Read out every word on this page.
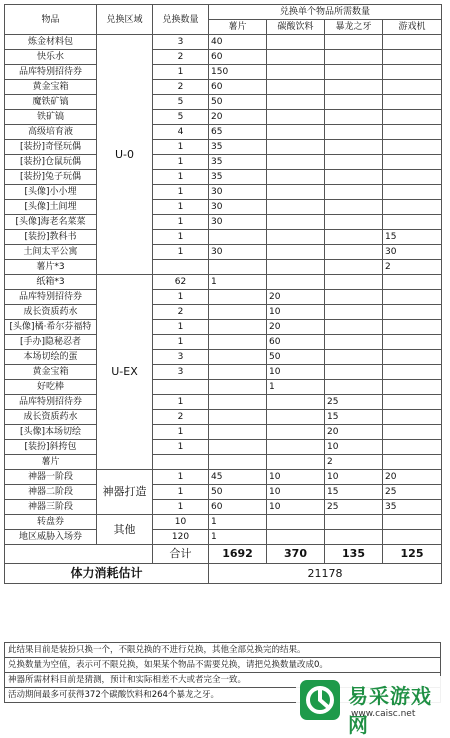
物品	兑换区域	兑换数量	兑换单个物品所需数量			
			薯片	碳酸饮料	暴龙之牙	游戏机
炼金材料包	U-0	3	40			
快乐水		2	60			
品库特别招待券		1	150			
黄金宝箱		2	60			
魔铁矿镐		5	50			
铁矿镐		5	20			
高级培育液		4	65			
[装扮]奇怪玩偶		1	35			
[装扮]仓鼠玩偶		1	35			
[装扮]兔子玩偶		1	35			
[头像]小小埋		1	30			
[头像]土间埋		1	30			
[头像]海老名菜菜		1	30			
[装扮]教科书		1				15
土间太平公寓		1	30			30
薯片*3						2
纸箱*3	U-EX	62	1			
品库特别招待券		1		20		
成长资质药水		2		10		
[头像]橘·希尔芬福特		1		20		
[手办]隐秘忍者		1		60		
本场切绘的蛋		3		50		
黄金宝箱		3		10		
好吃棒				1		
品库特别招待券		1			25	
成长资质药水		2			15	
[头像]本场切绘		1			20	
[装扮]斜挎包		1			10	
薯片					2	
神器一阶段	神器打造	1	45	10	10	20
神器二阶段		1	50	10	15	25
神器三阶段		1	60	10	25	35
转盘券	其他	10	1			
地区威胁入场券		120	1			
		合计	1692	370	135	125
体力消耗估计			21178			
此结果目前是装扮只换一个，不限兑换的不进行兑换，其他全部兑换完的结果。
兑换数量为空值，表示可不限兑换，如果某个物品不需要兑换，请把兑换数量改成0。
神器所需材料目前是猜测，预计和实际相差不大或者完全一致。
活动期间最多可获得372个碳酸饮料和264个暴龙之牙。	易采游戏网
www.caisc.net
